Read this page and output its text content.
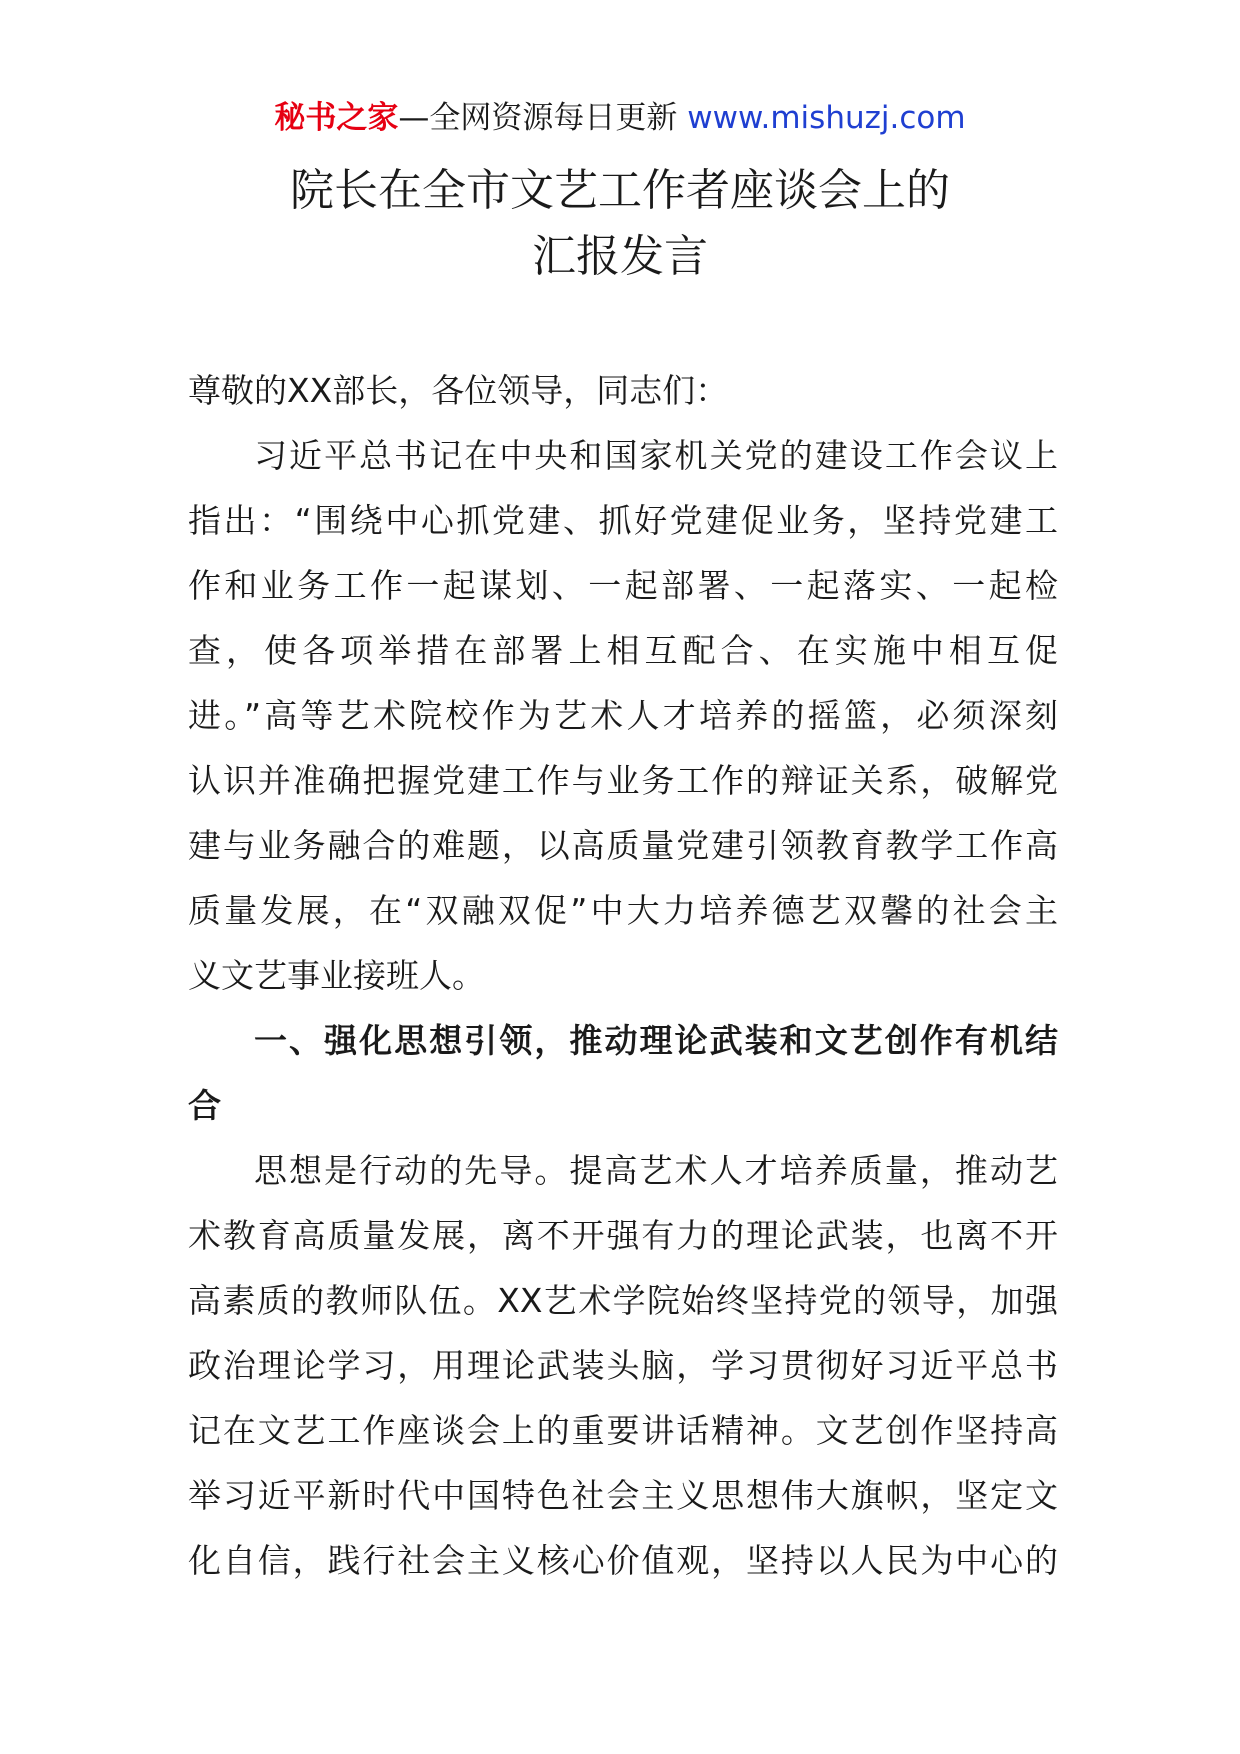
秘书之家—全网资源每日更新 www.mishuzj.com
院长在全市文艺工作者座谈会上的
汇报发言
尊敬的XX部长，各位领导，同志们：
习近平总书记在中央和国家机关党的建设工作会议上
指出：“围绕中心抓党建、抓好党建促业务，坚持党建工
作和业务工作一起谋划、一起部署、一起落实、一起检
查，使各项举措在部署上相互配合、在实施中相互促
进。”高等艺术院校作为艺术人才培养的摇篮，必须深刻
认识并准确把握党建工作与业务工作的辩证关系，破解党
建与业务融合的难题，以高质量党建引领教育教学工作高
质量发展，在“双融双促”中大力培养德艺双馨的社会主
义文艺事业接班人。
一、强化思想引领，推动理论武装和文艺创作有机结
合
思想是行动的先导。提高艺术人才培养质量，推动艺
术教育高质量发展，离不开强有力的理论武装，也离不开
高素质的教师队伍。XX艺术学院始终坚持党的领导，加强
政治理论学习，用理论武装头脑，学习贯彻好习近平总书
记在文艺工作座谈会上的重要讲话精神。文艺创作坚持高
举习近平新时代中国特色社会主义思想伟大旗帜，坚定文
化自信，践行社会主义核心价值观，坚持以人民为中心的
